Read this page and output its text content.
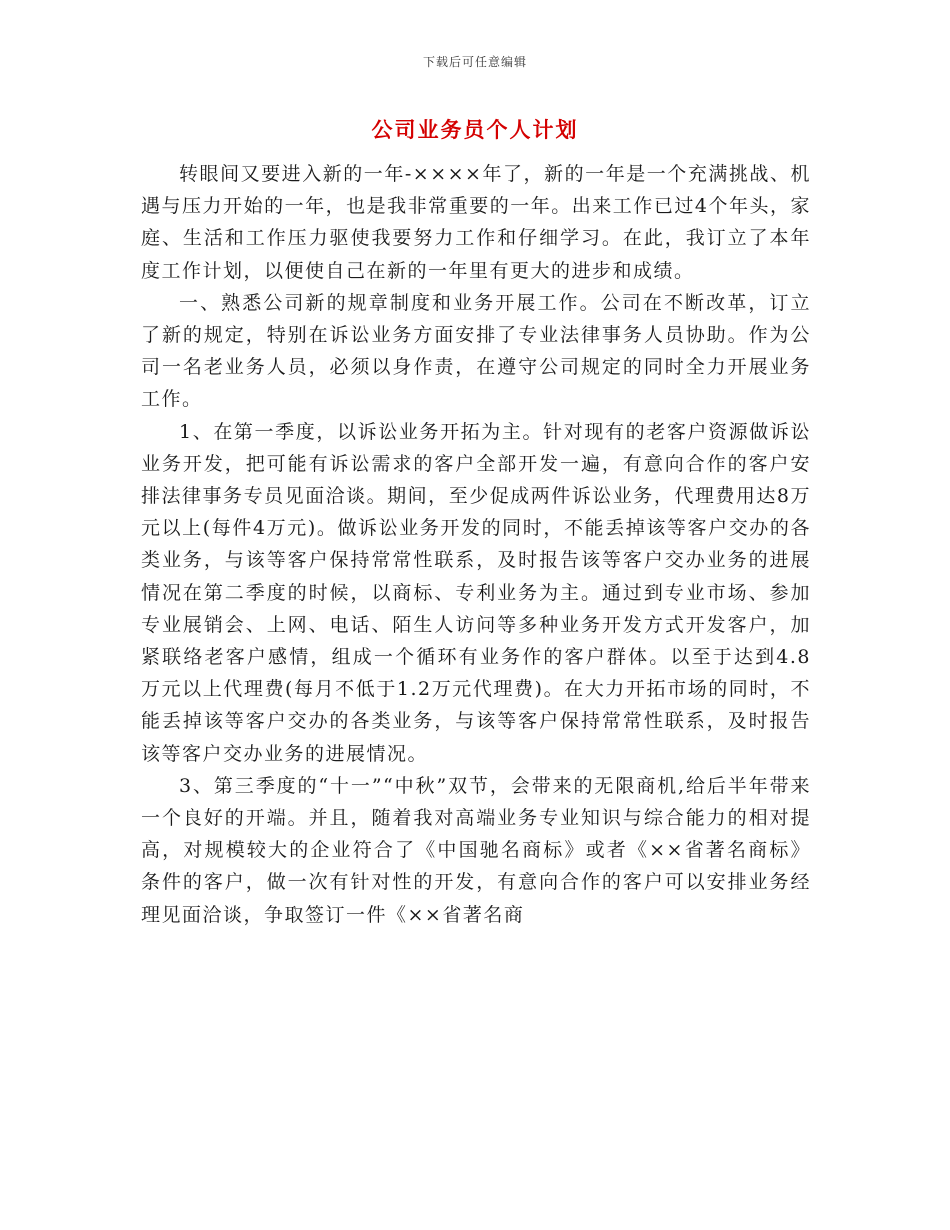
下载后可任意编辑
公司业务员个人计划

转眼间又要进入新的一年-××××年了，新的一年是一个充满挑战、机遇与压力开始的一年，也是我非常重要的一年。出来工作已过4个年头，家庭、生活和工作压力驱使我要努力工作和仔细学习。在此，我订立了本年度工作计划，以便使自己在新的一年里有更大的进步和成绩。

一、熟悉公司新的规章制度和业务开展工作。公司在不断改革，订立了新的规定，特别在诉讼业务方面安排了专业法律事务人员协助。作为公司一名老业务人员，必须以身作责，在遵守公司规定的同时全力开展业务工作。

1、在第一季度，以诉讼业务开拓为主。针对现有的老客户资源做诉讼业务开发，把可能有诉讼需求的客户全部开发一遍，有意向合作的客户安排法律事务专员见面洽谈。期间，至少促成两件诉讼业务，代理费用达8万元以上(每件4万元)。做诉讼业务开发的同时，不能丢掉该等客户交办的各类业务，与该等客户保持常常性联系，及时报告该等客户交办业务的进展情况在第二季度的时候，以商标、专利业务为主。通过到专业市场、参加专业展销会、上网、电话、陌生人访问等多种业务开发方式开发客户，加紧联络老客户感情，组成一个循环有业务作的客户群体。以至于达到4.8万元以上代理费(每月不低于1.2万元代理费)。在大力开拓市场的同时，不能丢掉该等客户交办的各类业务，与该等客户保持常常性联系，及时报告该等客户交办业务的进展情况。

3、第三季度的“十一”“中秋”双节，会带来的无限商机,给后半年带来一个良好的开端。并且，随着我对高端业务专业知识与综合能力的相对提高，对规模较大的企业符合了《中国驰名商标》或者《××省著名商标》条件的客户，做一次有针对性的开发，有意向合作的客户可以安排业务经理见面洽谈，争取签订一件《××省著名商
